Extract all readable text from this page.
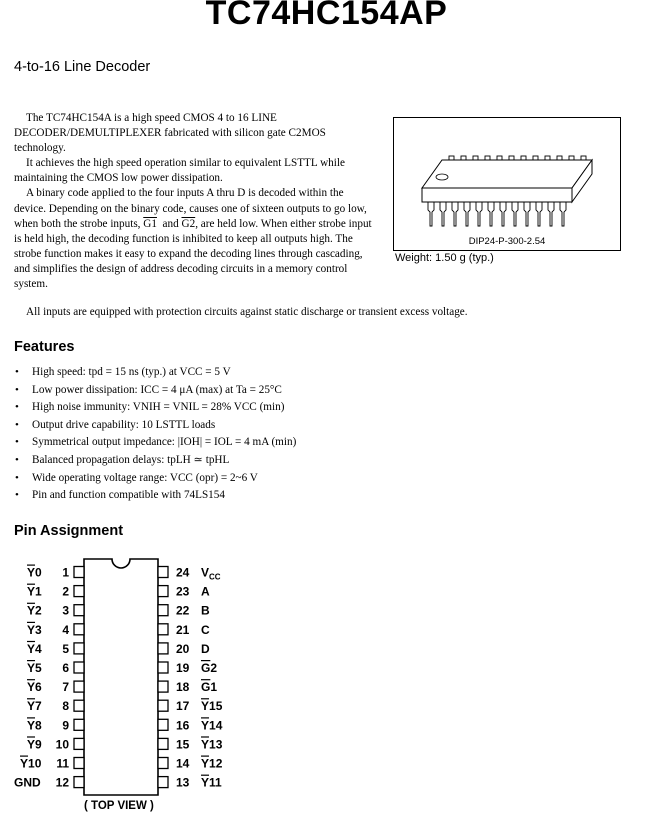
TC74HC154AP
4-to-16 Line Decoder

The TC74HC154A is a high speed CMOS 4 to 16 LINE DECODER/DEMULTIPLEXER fabricated with silicon gate C2MOS technology.

It achieves the high speed operation similar to equivalent LSTTL while maintaining the CMOS low power dissipation.

A binary code applied to the four inputs A thru D is decoded within the device. Depending on the binary code, causes one of sixteen outputs to go low, when both the strobe inputs, G1 and G2, are held low. When either strobe input is held high, the decoding function is inhibited to keep all outputs high. The strobe function makes it easy to expand the decoding lines through cascading, and simplifies the design of address decoding circuits in a memory control system.

All inputs are equipped with protection circuits against static discharge or transient excess voltage.
DIP24-P-300-2.54
Weight: 1.50 g (typ.)
Features
• High speed: tpd = 15 ns (typ.) at VCC = 5 V
• Low power dissipation: ICC = 4 μA (max) at Ta = 25°C
• High noise immunity: VNIH = VNIL = 28% VCC (min)
• Output drive capability: 10 LSTTL loads
• Symmetrical output impedance: |IOH| = IOL = 4 mA (min)
• Balanced propagation delays: tpLH ≃ tpHL
• Wide operating voltage range: VCC (opr) = 2~6 V
• Pin and function compatible with 74LS154
Pin Assignment
1
Y0
2
Y1
3
Y2
4
Y3
5
Y4
6
Y5
7
Y6
8
Y7
9
Y8
10
Y9
11
Y10
12
GND
24 $V_{CC}$
23 A
22 B
21 C
20 D
19 G2
18 G1
17 Y15
16 Y14
15 Y13
14 Y12
13 Y11
( TOP VIEW )
